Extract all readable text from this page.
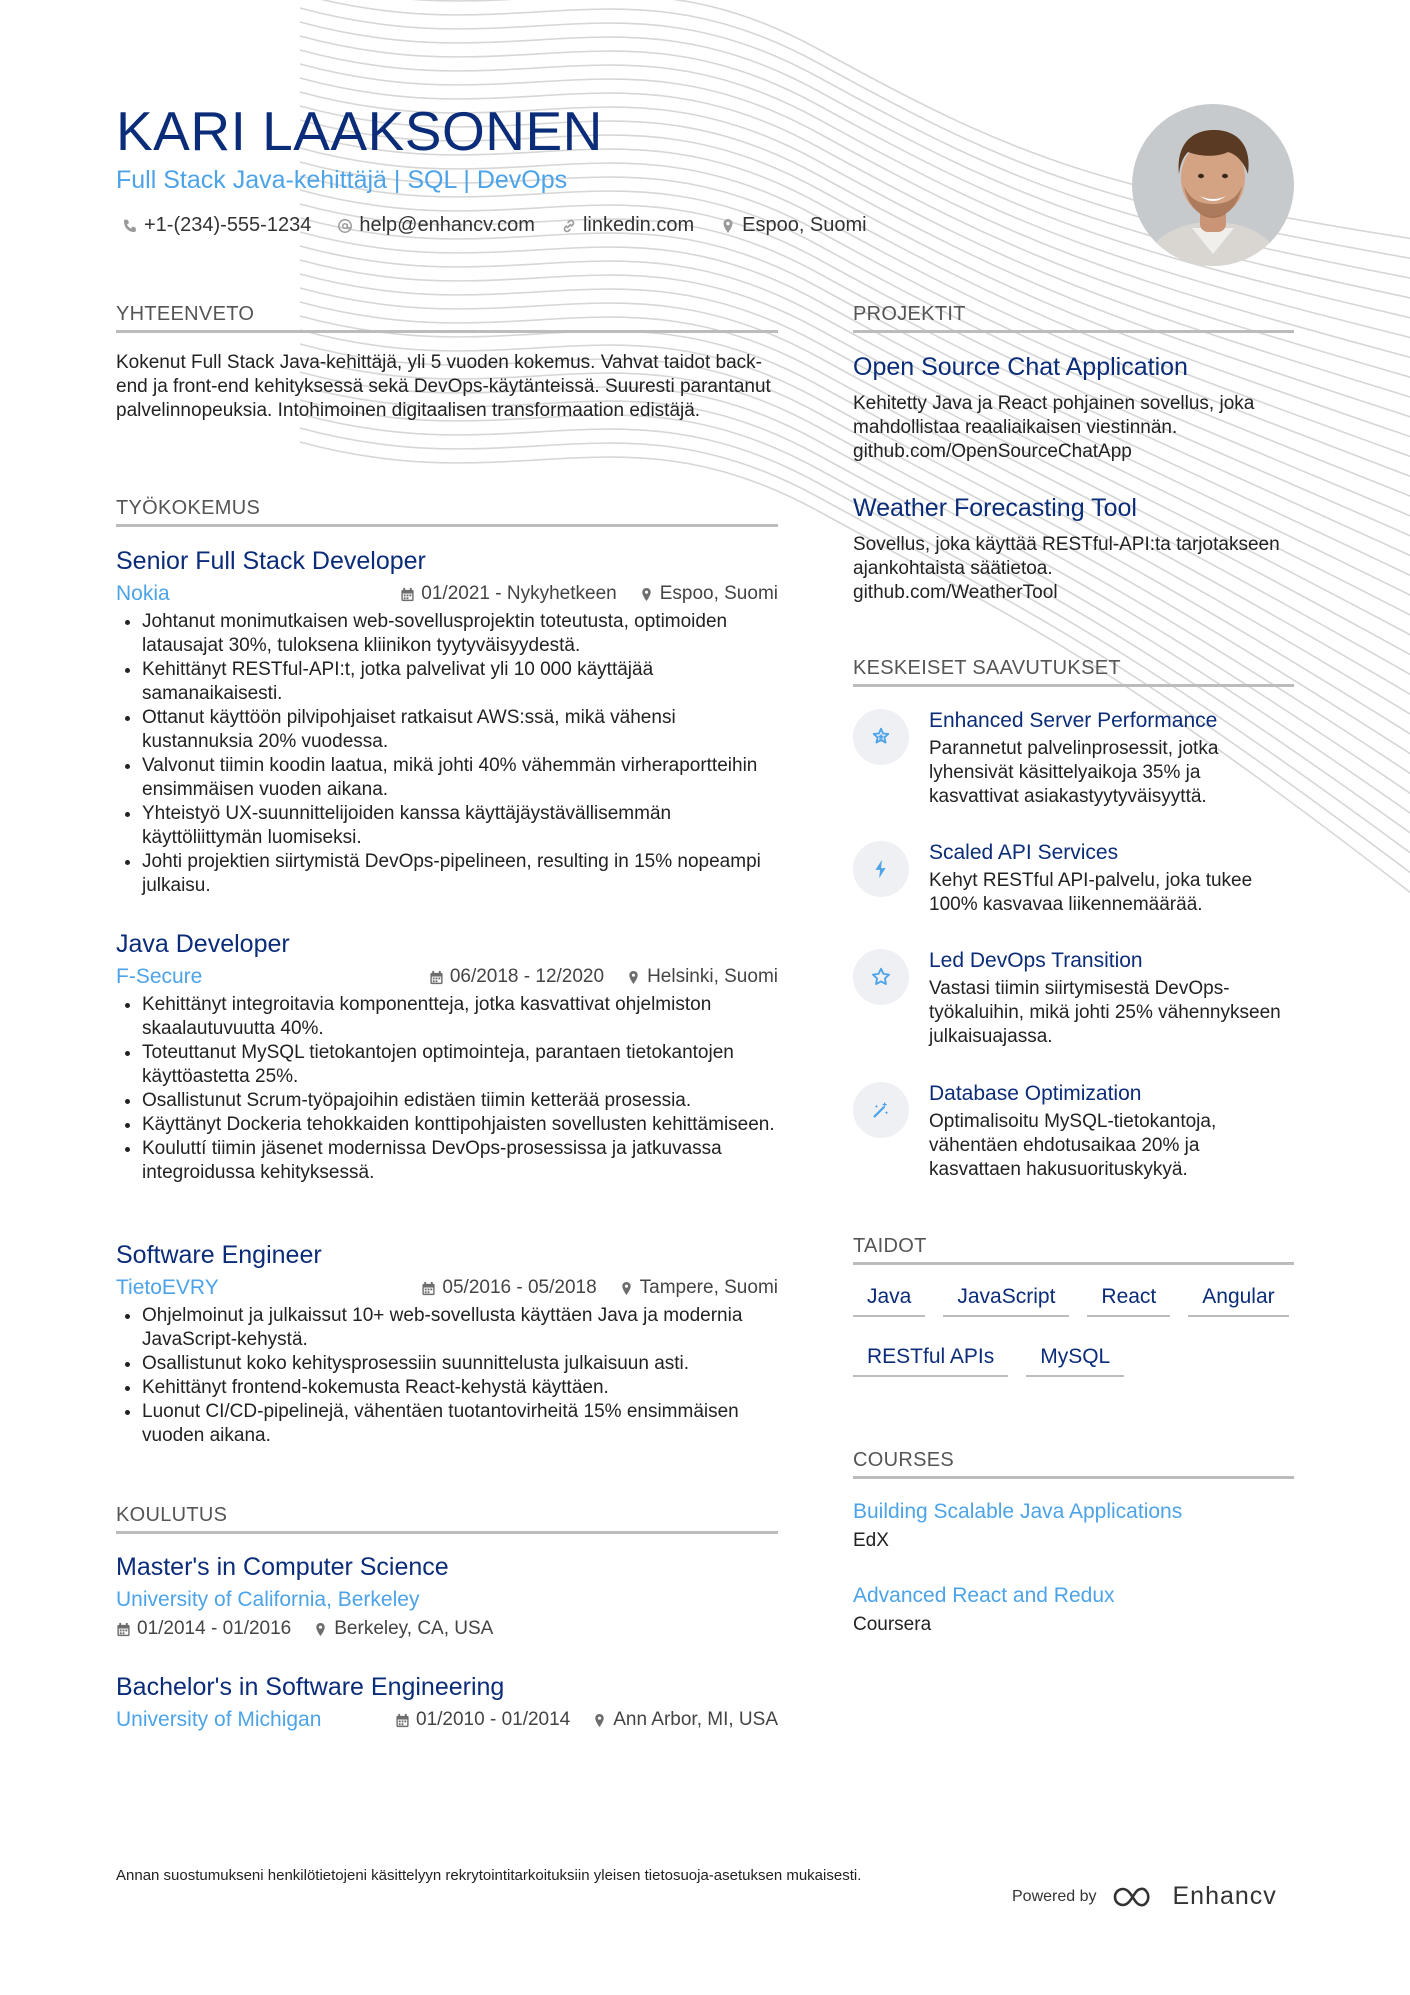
KARI LAAKSONEN
Full Stack Java-kehittäjä | SQL | DevOps
+1-(234)-555-1234 help@enhancv.com linkedin.com Espoo, Suomi
YHTEENVETO
Kokenut Full Stack Java-kehittäjä, yli 5 vuoden kokemus. Vahvat taidot back-end ja front-end kehityksessä sekä DevOps-käytänteissä. Suuresti parantanut palvelinnopeuksia. Intohimoinen digitaalisen transformaation edistäjä.
TYÖKOKEMUS
Senior Full Stack Developer
Nokia	01/2021 - Nykyhetkeen Espoo, Suomi
• Johtanut monimutkaisen web-sovellusprojektin toteutusta, optimoiden latausajat 30%, tuloksena kliinikon tyytyväisyydestä.
• Kehittänyt RESTful-API:t, jotka palvelivat yli 10 000 käyttäjää samanaikaisesti.
• Ottanut käyttöön pilvipohjaiset ratkaisut AWS:ssä, mikä vähensi kustannuksia 20% vuodessa.
• Valvonut tiimin koodin laatua, mikä johti 40% vähemmän virheraportteihin ensimmäisen vuoden aikana.
• Yhteistyö UX-suunnittelijoiden kanssa käyttäjäystävällisemmän käyttöliittymän luomiseksi.
• Johti projektien siirtymistä DevOps-pipelineen, resulting in 15% nopeampi julkaisu.
Java Developer
F-Secure	06/2018 - 12/2020 Helsinki, Suomi
• Kehittänyt integroitavia komponentteja, jotka kasvattivat ohjelmiston skaalautuvuutta 40%.
• Toteuttanut MySQL tietokantojen optimointeja, parantaen tietokantojen käyttöastetta 25%.
• Osallistunut Scrum-työpajoihin edistäen tiimin ketterää prosessia.
• Käyttänyt Dockeria tehokkaiden konttipohjaisten sovellusten kehittämiseen.
• Kouluttí tiimin jäsenet modernissa DevOps-prosessissa ja jatkuvassa integroidussa kehityksessä.
Software Engineer
TietoEVRY	05/2016 - 05/2018 Tampere, Suomi
• Ohjelmoinut ja julkaissut 10+ web-sovellusta käyttäen Java ja modernia JavaScript-kehystä.
• Osallistunut koko kehitysprosessiin suunnittelusta julkaisuun asti.
• Kehittänyt frontend-kokemusta React-kehystä käyttäen.
• Luonut CI/CD-pipelinejä, vähentäen tuotantovirheitä 15% ensimmäisen vuoden aikana.
KOULUTUS
Master's in Computer Science
University of California, Berkeley
01/2014 - 01/2016 Berkeley, CA, USA
Bachelor's in Software Engineering
University of Michigan	01/2010 - 01/2014 Ann Arbor, MI, USA
PROJEKTIT
Open Source Chat Application
Kehitetty Java ja React pohjainen sovellus, joka mahdollistaa reaaliaikaisen viestinnän.
github.com/OpenSourceChatApp
Weather Forecasting Tool
Sovellus, joka käyttää RESTful-API:ta tarjotakseen ajankohtaista säätietoa.
github.com/WeatherTool
KESKEISET SAAVUTUKSET
Enhanced Server Performance
Parannetut palvelinprosessit, jotka lyhensivät käsittelyaikoja 35% ja kasvattivat asiakastyytyväisyyttä.
Scaled API Services
Kehyt RESTful API-palvelu, joka tukee 100% kasvavaa liikennemäärää.
Led DevOps Transition
Vastasi tiimin siirtymisestä DevOps-työkaluihin, mikä johti 25% vähennykseen julkaisuajassa.
Database Optimization
Optimalisoitu MySQL-tietokantoja, vähentäen ehdotusaikaa 20% ja kasvattaen hakusuorituskykyä.
TAIDOT
Java	JavaScript	React	Angular
RESTful APIs	MySQL
COURSES
Building Scalable Java Applications
EdX
Advanced React and Redux
Coursera
Annan suostumukseni henkilötietojeni käsittelyyn rekrytointitarkoituksiin yleisen tietosuoja-asetuksen mukaisesti.
Powered by	Enhancv
